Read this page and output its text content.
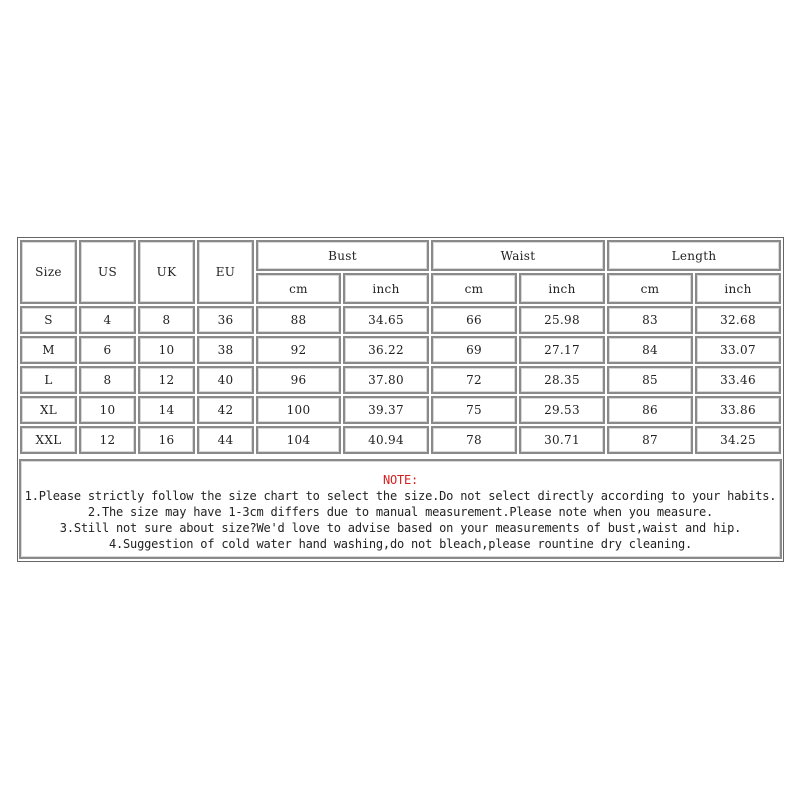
Size	US	UK	EU
Bust	Waist	Length
cm	inch	cm	inch	cm	inch
S	4	8	36	88	34.65	66	25.98	83	32.68
M	6	10	38	92	36.22	69	27.17	84	33.07
L	8	12	40	96	37.80	72	28.35	85	33.46
XL	10	14	42	100	39.37	75	29.53	86	33.86
XXL	12	16	44	104	40.94	78	30.71	87	34.25
NOTE:
1.Please strictly follow the size chart to select the size.Do not select directly according to your habits.
2.The size may have 1-3cm differs due to manual measurement.Please note when you measure.
3.Still not sure about size?We'd love to advise based on your measurements of bust,waist and hip.
4.Suggestion of cold water hand washing,do not bleach,please rountine dry cleaning.
